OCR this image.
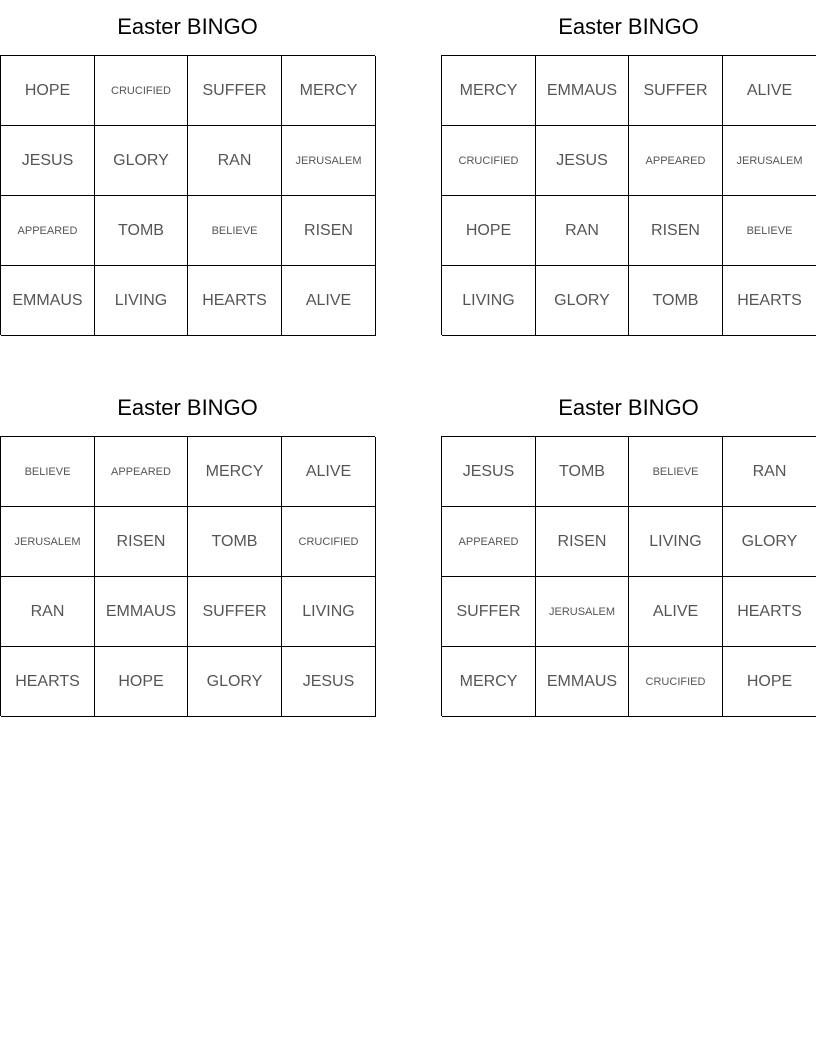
Easter BINGO
HOPE	CRUCIFIED	SUFFER	MERCY
JESUS	GLORY	RAN	JERUSALEM
APPEARED	TOMB	BELIEVE	RISEN
EMMAUS	LIVING	HEARTS	ALIVE
Easter BINGO
MERCY	EMMAUS	SUFFER	ALIVE
CRUCIFIED	JESUS	APPEARED	JERUSALEM
HOPE	RAN	RISEN	BELIEVE
LIVING	GLORY	TOMB	HEARTS
Easter BINGO
BELIEVE	APPEARED	MERCY	ALIVE
JERUSALEM	RISEN	TOMB	CRUCIFIED
RAN	EMMAUS	SUFFER	LIVING
HEARTS	HOPE	GLORY	JESUS
Easter BINGO
JESUS	TOMB	BELIEVE	RAN
APPEARED	RISEN	LIVING	GLORY
SUFFER	JERUSALEM	ALIVE	HEARTS
MERCY	EMMAUS	CRUCIFIED	HOPE
